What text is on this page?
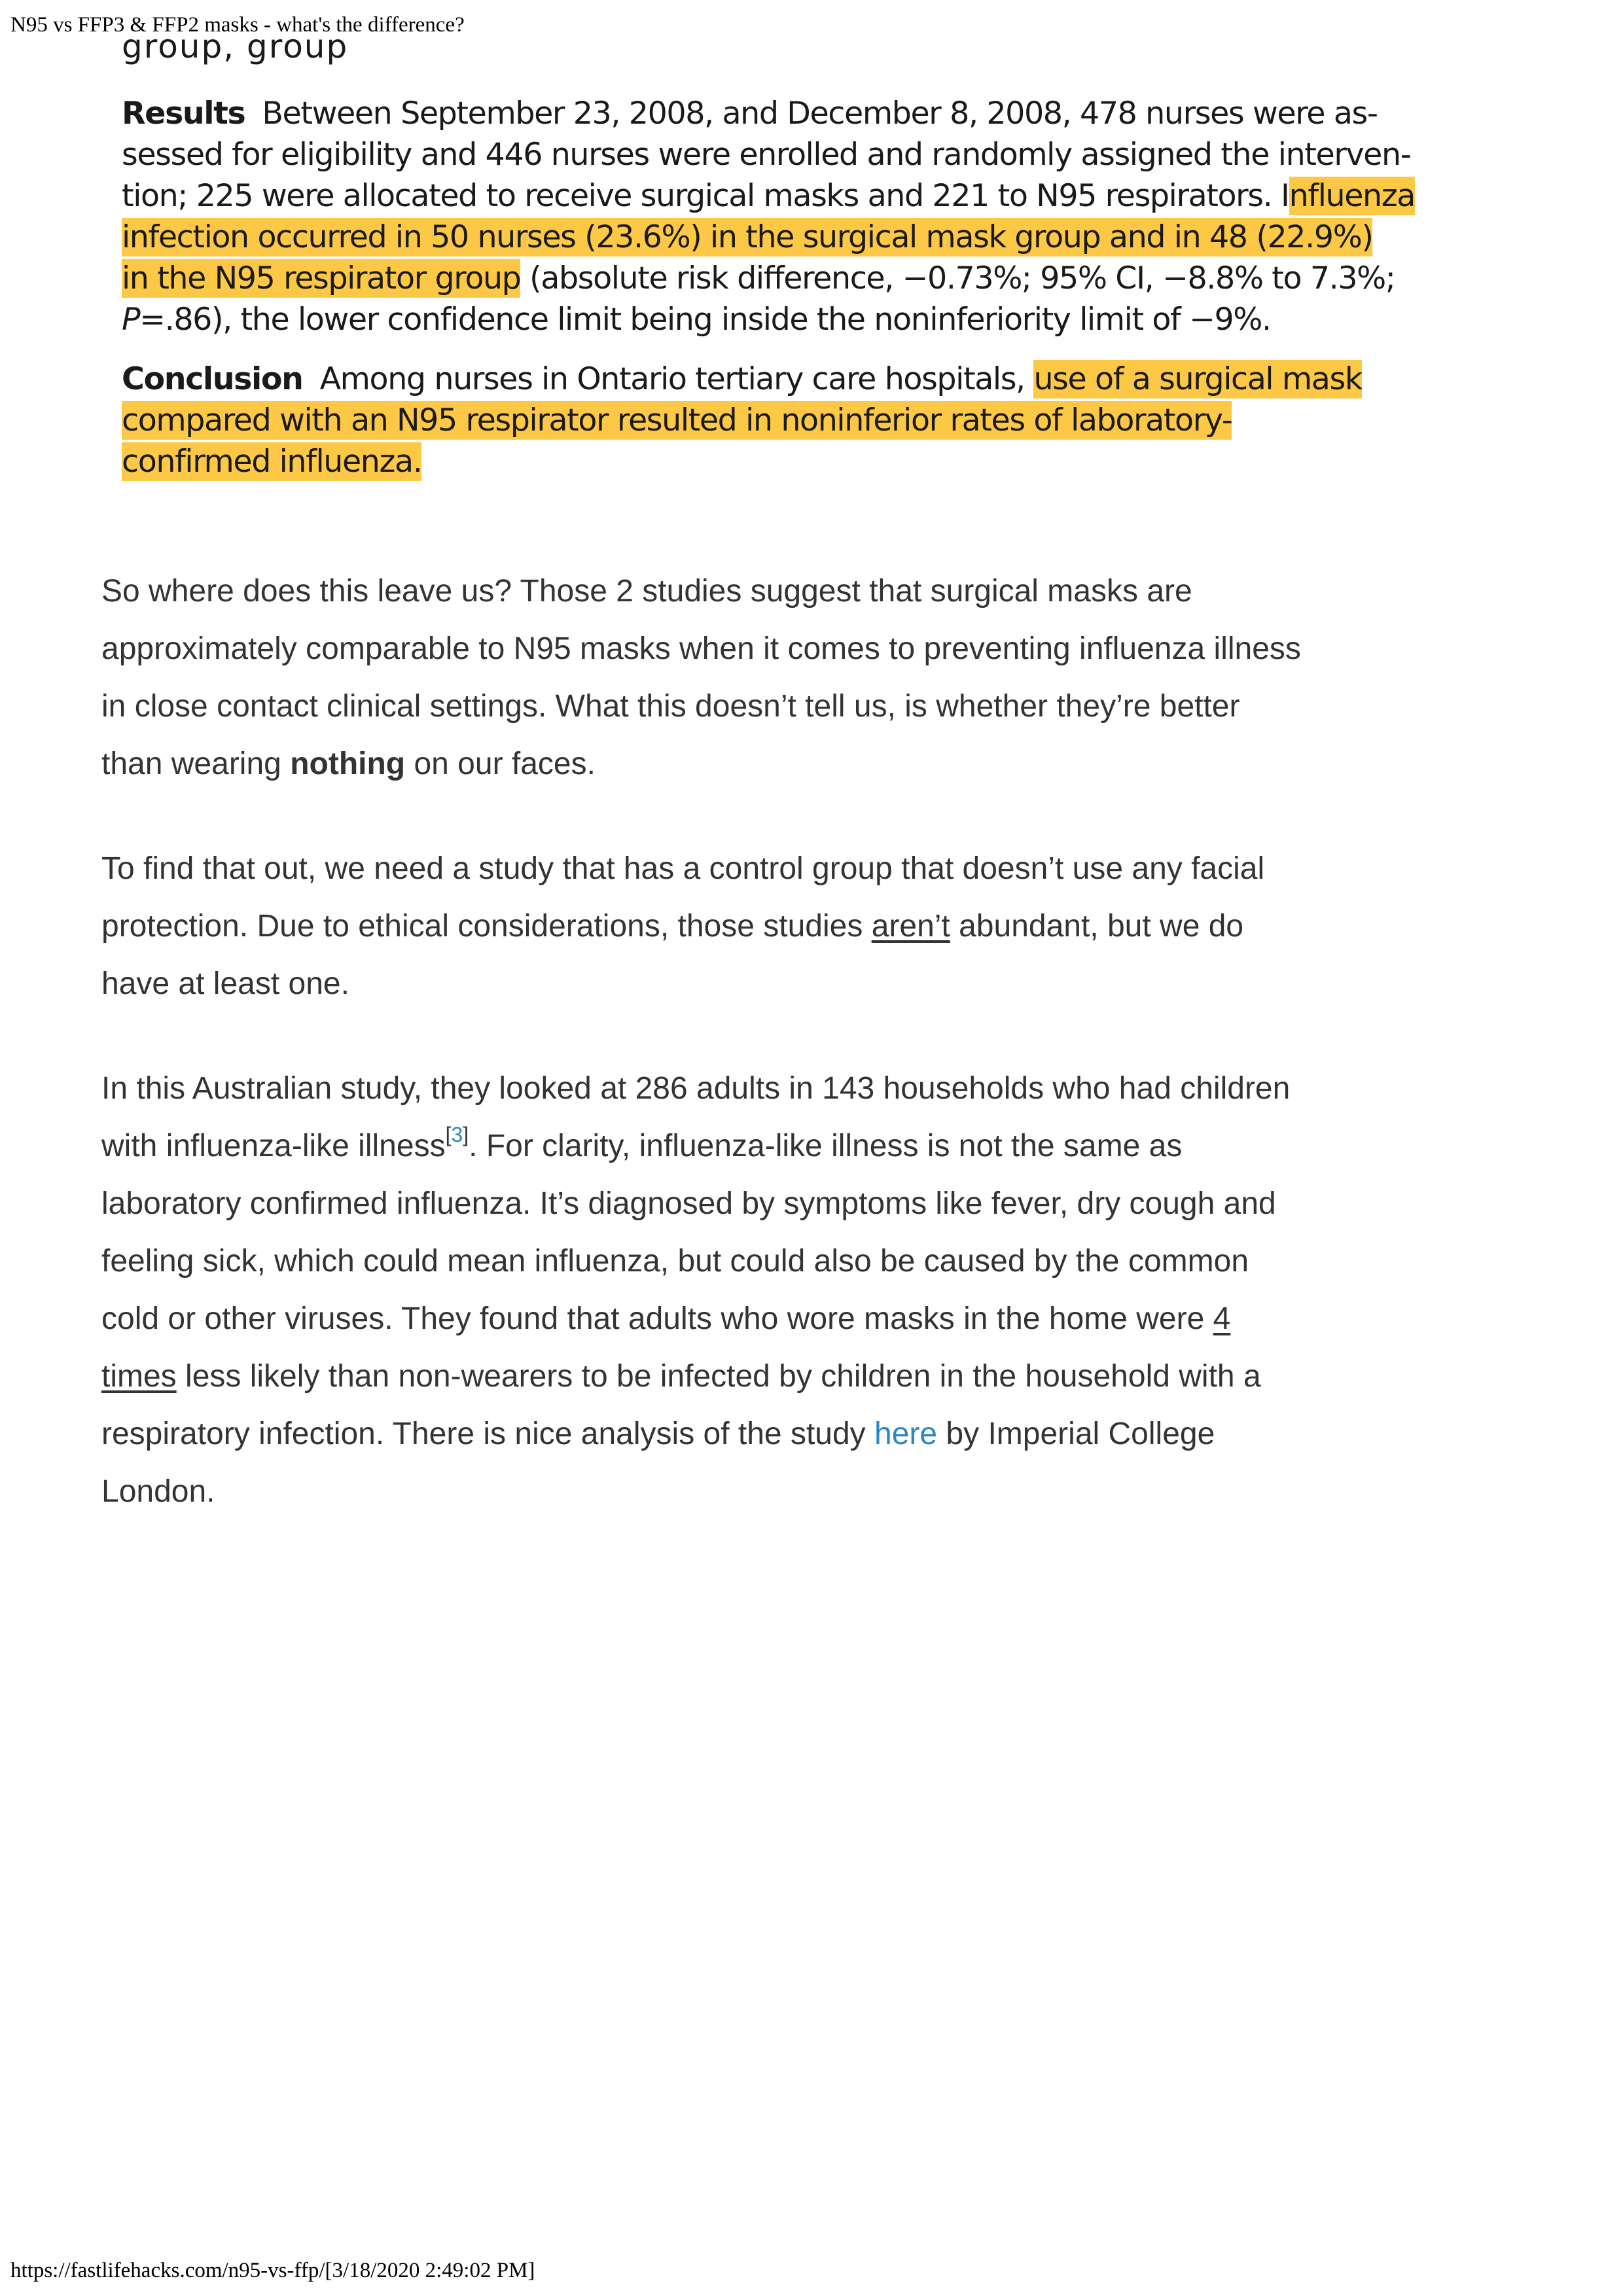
N95 vs FFP3 & FFP2 masks - what's the difference?
group, group
Results Between September 23, 2008, and December 8, 2008, 478 nurses were as-
sessed for eligibility and 446 nurses were enrolled and randomly assigned the interven-
tion; 225 were allocated to receive surgical masks and 221 to N95 respirators. Influenza
infection occurred in 50 nurses (23.6%) in the surgical mask group and in 48 (22.9%)
in the N95 respirator group (absolute risk difference, −0.73%; 95% CI, −8.8% to 7.3%;
P=.86), the lower confidence limit being inside the noninferiority limit of −9%.
Conclusion Among nurses in Ontario tertiary care hospitals, use of a surgical mask
compared with an N95 respirator resulted in noninferior rates of laboratory-
confirmed influenza.

So where does this leave us? Those 2 studies suggest that surgical masks are
approximately comparable to N95 masks when it comes to preventing influenza illness
in close contact clinical settings. What this doesn’t tell us, is whether they’re better
than wearing nothing on our faces.

To find that out, we need a study that has a control group that doesn’t use any facial
protection. Due to ethical considerations, those studies aren’t abundant, but we do
have at least one.

In this Australian study, they looked at 286 adults in 143 households who had children
with influenza-like illness[3]. For clarity, influenza-like illness is not the same as
laboratory confirmed influenza. It’s diagnosed by symptoms like fever, dry cough and
feeling sick, which could mean influenza, but could also be caused by the common
cold or other viruses. They found that adults who wore masks in the home were 4
times less likely than non-wearers to be infected by children in the household with a
respiratory infection. There is nice analysis of the study here by Imperial College
London.

https://fastlifehacks.com/n95-vs-ffp/[3/18/2020 2:49:02 PM]
